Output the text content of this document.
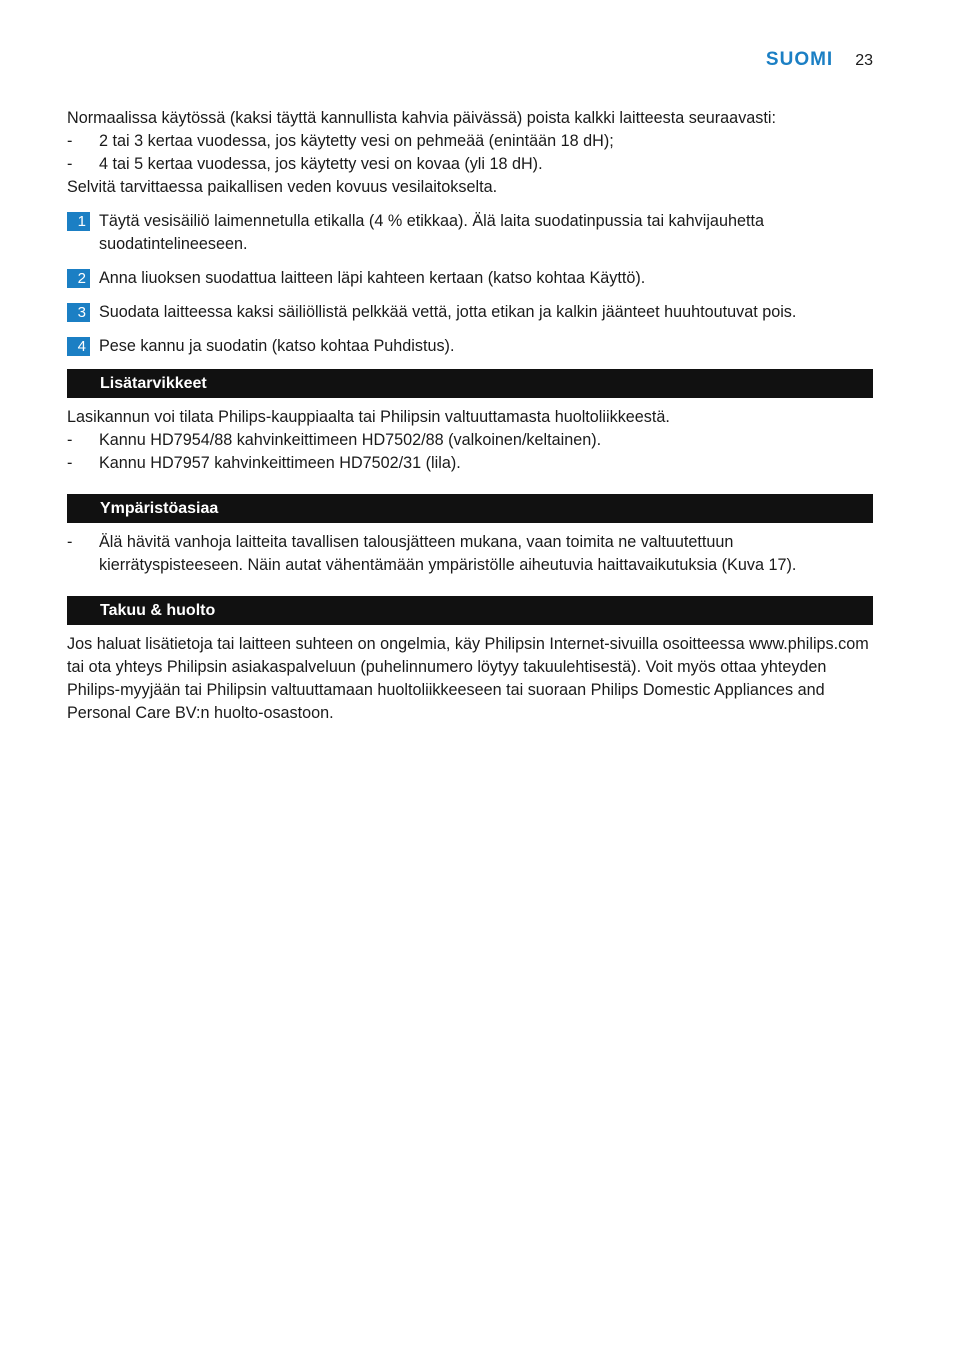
SUOMI 23

Normaalissa käytössä (kaksi täyttä kannullista kahvia päivässä) poista kalkki laitteesta seuraavasti:

-	2 tai 3 kertaa vuodessa, jos käytetty vesi on pehmeää (enintään 18 dH);
-	4 tai 5 kertaa vuodessa, jos käytetty vesi on kovaa (yli 18 dH).

Selvitä tarvittaessa paikallisen veden kovuus vesilaitokselta.

1 Täytä vesisäiliö laimennetulla etikalla (4 % etikkaa). Älä laita suodatinpussia tai kahvijauhetta suodatintelineeseen.
2 Anna liuoksen suodattua laitteen läpi kahteen kertaan (katso kohtaa Käyttö).
3 Suodata laitteessa kaksi säiliöllistä pelkkää vettä, jotta etikan ja kalkin jäänteet huuhtoutuvat pois.
4 Pese kannu ja suodatin (katso kohtaa Puhdistus).
Lisätarvikkeet

Lasikannun voi tilata Philips-kauppiaalta tai Philipsin valtuuttamasta huoltoliikkeestä.

-	Kannu HD7954/88 kahvinkeittimeen HD7502/88 (valkoinen/keltainen).
-	Kannu HD7957 kahvinkeittimeen HD7502/31 (lila).
Ympäristöasiaa
-	Älä hävitä vanhoja laitteita tavallisen talousjätteen mukana, vaan toimita ne valtuutettuun kierrätyspisteeseen. Näin autat vähentämään ympäristölle aiheutuvia haittavaikutuksia (Kuva 17).
Takuu & huolto

Jos haluat lisätietoja tai laitteen suhteen on ongelmia, käy Philipsin Internet-sivuilla osoitteessa www.philips.com tai ota yhteys Philipsin asiakaspalveluun (puhelinnumero löytyy takuulehtisestä). Voit myös ottaa yhteyden Philips-myyjään tai Philipsin valtuuttamaan huoltoliikkeeseen tai suoraan Philips Domestic Appliances and Personal Care BV:n huolto-osastoon.
